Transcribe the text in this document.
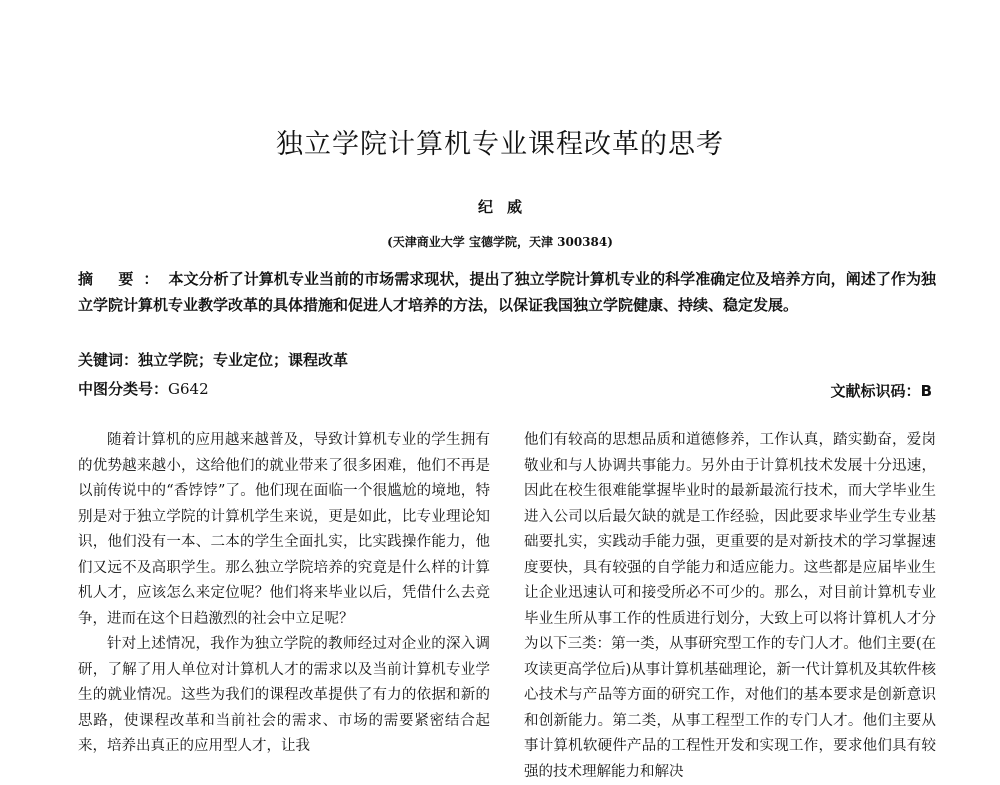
独立学院计算机专业课程改革的思考
纪威
(天津商业大学 宝德学院，天津 300384)

摘 要：本文分析了计算机专业当前的市场需求现状，提出了独立学院计算机专业的科学准确定位及培养方向，阐述了作为独立学院计算机专业教学改革的具体措施和促进人才培养的方法，以保证我国独立学院健康、持续、稳定发展。

关键词：独立学院；专业定位；课程改革

中图分类号：G642	文献标识码：B

随着计算机的应用越来越普及，导致计算机专业的学生拥有的优势越来越小，这给他们的就业带来了很多困难，他们不再是以前传说中的“香饽饽”了。他们现在面临一个很尴尬的境地，特别是对于独立学院的计算机学生来说，更是如此，比专业理论知识，他们没有一本、二本的学生全面扎实，比实践操作能力，他们又远不及高职学生。那么独立学院培养的究竟是什么样的计算机人才，应该怎么来定位呢？他们将来毕业以后，凭借什么去竞争，进而在这个日趋激烈的社会中立足呢？

针对上述情况，我作为独立学院的教师经过对企业的深入调研，了解了用人单位对计算机人才的需求以及当前计算机专业学生的就业情况。这些为我们的课程改革提供了有力的依据和新的思路，使课程改革和当前社会的需求、市场的需要紧密结合起来，培养出真正的应用型人才，让我

他们有较高的思想品质和道德修养，工作认真，踏实勤奋，爱岗敬业和与人协调共事能力。另外由于计算机技术发展十分迅速，因此在校生很难能掌握毕业时的最新最流行技术，而大学毕业生进入公司以后最欠缺的就是工作经验，因此要求毕业学生专业基础要扎实，实践动手能力强，更重要的是对新技术的学习掌握速度要快，具有较强的自学能力和适应能力。这些都是应届毕业生让企业迅速认可和接受所必不可少的。那么，对目前计算机专业毕业生所从事工作的性质进行划分，大致上可以将计算机人才分为以下三类：第一类，从事研究型工作的专门人才。他们主要(在攻读更高学位后)从事计算机基础理论，新一代计算机及其软件核心技术与产品等方面的研究工作，对他们的基本要求是创新意识和创新能力。第二类，从事工程型工作的专门人才。他们主要从事计算机软硬件产品的工程性开发和实现工作，要求他们具有较强的技术理解能力和解决
